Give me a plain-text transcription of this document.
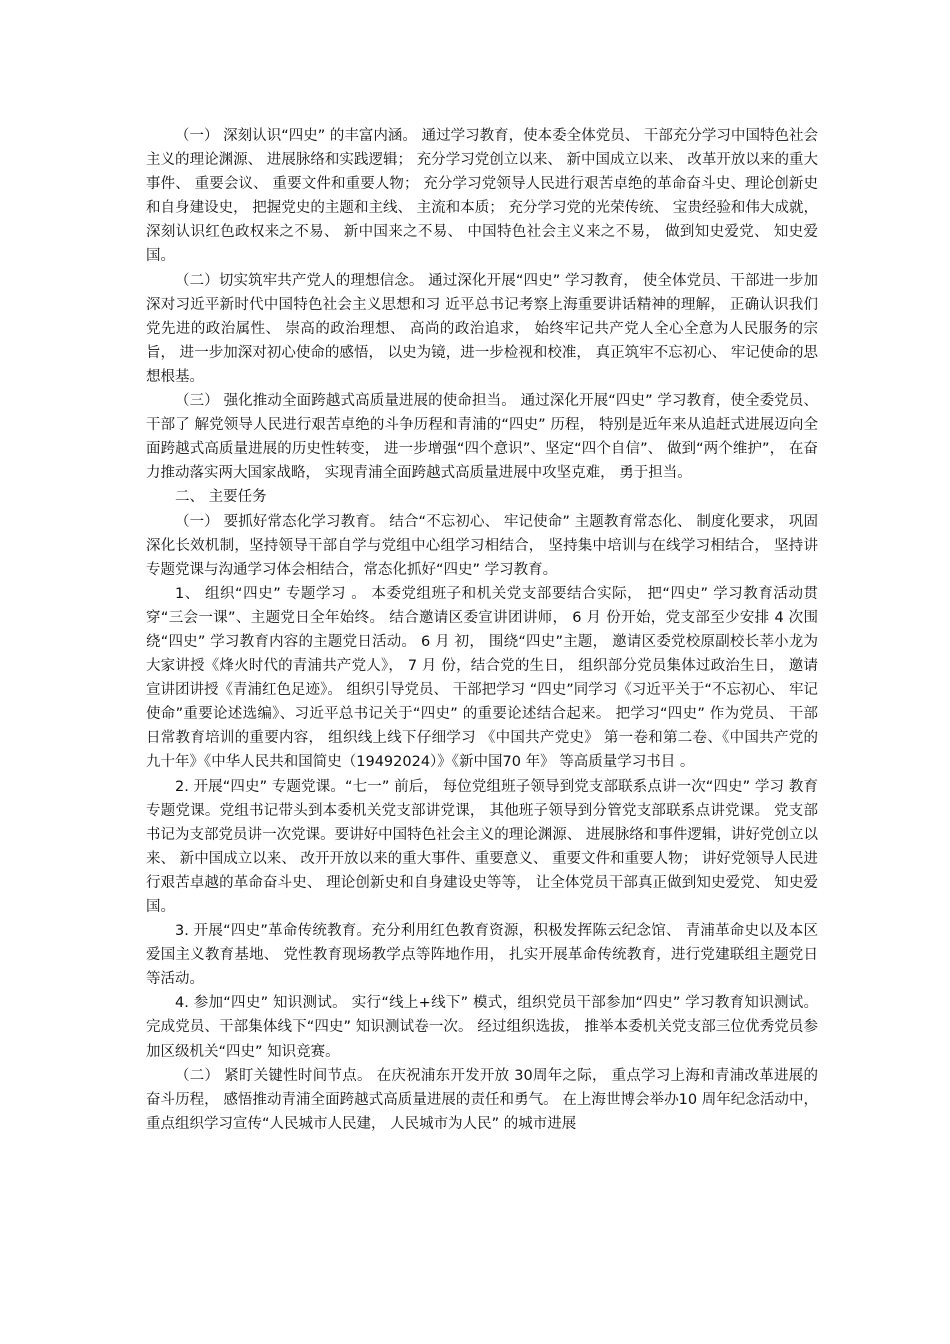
（一） 深刻认识“四史” 的丰富内涵。 通过学习教育，使本委全体党员、 干部充分学习中国特色社会主义的理论渊源、 进展脉络和实践逻辑； 充分学习党创立以来、 新中国成立以来、 改革开放以来的重大事件、 重要会议、 重要文件和重要人物； 充分学习党领导人民进行艰苦卓绝的革命奋斗史、理论创新史和自身建设史， 把握党史的主题和主线、 主流和本质； 充分学习党的光荣传统、 宝贵经验和伟大成就， 深刻认识红色政权来之不易、 新中国来之不易、 中国特色社会主义来之不易， 做到知史爱党、 知史爱国。

（二）切实筑牢共产党人的理想信念。 通过深化开展“四史” 学习教育， 使全体党员、干部进一步加深对习近平新时代中国特色社会主义思想和习 近平总书记考察上海重要讲话精神的理解， 正确认识我们党先进的政治属性、 崇高的政治理想、 高尚的政治追求， 始终牢记共产党人全心全意为人民服务的宗旨， 进一步加深对初心使命的感悟， 以史为镜，进一步检视和校准， 真正筑牢不忘初心、 牢记使命的思想根基。

（三） 强化推动全面跨越式高质量进展的使命担当。 通过深化开展“四史” 学习教育，使全委党员、 干部了 解党领导人民进行艰苦卓绝的斗争历程和青浦的“四史” 历程， 特别是近年来从追赶式进展迈向全面跨越式高质量进展的历史性转变， 进一步增强“四个意识”、坚定“四个自信”、 做到“两个维护”， 在奋力推动落实两大国家战略， 实现青浦全面跨越式高质量进展中攻坚克难， 勇于担当。

二、 主要任务

（一） 要抓好常态化学习教育。 结合“不忘初心、 牢记使命” 主题教育常态化、 制度化要求， 巩固深化长效机制，坚持领导干部自学与党组中心组学习相结合， 坚持集中培训与在线学习相结合， 坚持讲专题党课与沟通学习体会相结合，常态化抓好“四史” 学习教育。

1、 组织“四史” 专题学习 。 本委党组班子和机关党支部要结合实际， 把“四史” 学习教育活动贯穿“三会一课”、主题党日全年始终。 结合邀请区委宣讲团讲师， 6 月 份开始，党支部至少安排 4 次围绕“四史” 学习教育内容的主题党日活动。 6 月 初， 围绕“四史”主题， 邀请区委党校原副校长莘小龙为大家讲授《烽火时代的青浦共产党人》， 7 月 份，结合党的生日， 组织部分党员集体过政治生日， 邀请宣讲团讲授《青浦红色足迹》。 组织引导党员、 干部把学习 “四史”同学习《习近平关于“不忘初心、 牢记使命”重要论述选编》、习近平总书记关于“四史” 的重要论述结合起来。 把学习“四史” 作为党员、 干部日常教育培训的重要内容， 组织线上线下仔细学习 《中国共产党史》 第一卷和第二卷、《中国共产党的九十年》《中华人民共和国简史（19492024）》《新中国70 年》 等高质量学习书目 。

2. 开展“四史” 专题党课。“七一” 前后， 每位党组班子领导到党支部联系点讲一次“四史” 学习 教育专题党课。党组书记带头到本委机关党支部讲党课， 其他班子领导到分管党支部联系点讲党课。 党支部书记为支部党员讲一次党课。要讲好中国特色社会主义的理论渊源、 进展脉络和事件逻辑，讲好党创立以来、 新中国成立以来、 改开开放以来的重大事件、重要意义、 重要文件和重要人物； 讲好党领导人民进行艰苦卓越的革命奋斗史、 理论创新史和自身建设史等等， 让全体党员干部真正做到知史爱党、 知史爱国。

3. 开展“四史”革命传统教育。充分利用红色教育资源，积极发挥陈云纪念馆、 青浦革命史以及本区爱国主义教育基地、 党性教育现场教学点等阵地作用， 扎实开展革命传统教育，进行党建联组主题党日等活动。

4. 参加“四史” 知识测试。 实行“线上+线下” 模式，组织党员干部参加“四史” 学习教育知识测试。 完成党员、干部集体线下“四史” 知识测试卷一次。 经过组织选拔， 推举本委机关党支部三位优秀党员参加区级机关“四史” 知识竞赛。

（二） 紧盯关键性时间节点。 在庆祝浦东开发开放 30周年之际， 重点学习上海和青浦改革进展的奋斗历程， 感悟推动青浦全面跨越式高质量进展的责任和勇气。 在上海世博会举办10 周年纪念活动中， 重点组织学习宣传“人民城市人民建， 人民城市为人民” 的城市进展
